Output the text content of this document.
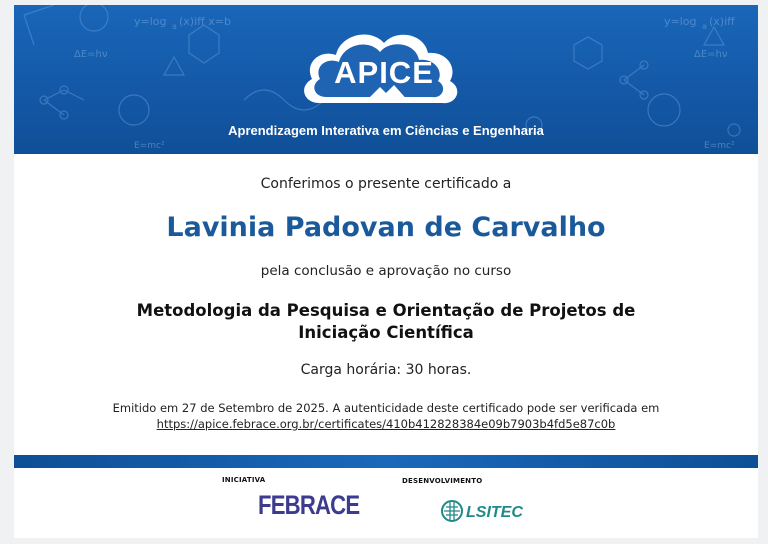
y=log a (x)iff x=b	y=log a (x)iff
ΔE=hν	ΔE=hν
E=mc²	E=mc²
APICE
Aprendizagem Interativa em Ciências e Engenharia
Conferimos o presente certificado a
Lavinia Padovan de Carvalho
pela conclusão e aprovação no curso
Metodologia da Pesquisa e Orientação de Projetos de Iniciação Científica
Carga horária: 30 horas.
Emitido em 27 de Setembro de 2025. A autenticidade deste certificado pode ser verificada em
https://apice.febrace.org.br/certificates/410b412828384e09b7903b4fd5e87c0b
INICIATIVA
FEBRACE
DESENVOLVIMENTO
LSITEC
